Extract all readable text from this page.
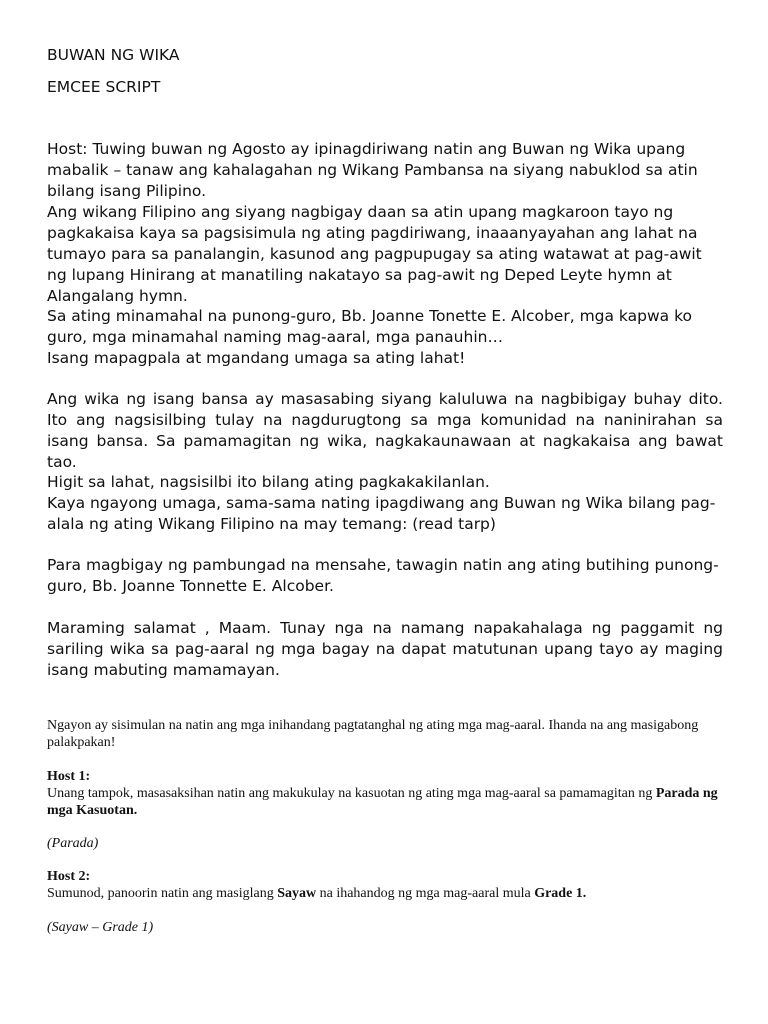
BUWAN NG WIKA
EMCEE SCRIPT

Host: Tuwing buwan ng Agosto ay ipinagdiriwang natin ang Buwan ng Wika upang mabalik – tanaw ang kahalagahan ng Wikang Pambansa na siyang nabuklod sa atin bilang isang Pilipino.

Ang wikang Filipino ang siyang nagbigay daan sa atin upang magkaroon tayo ng pagkakaisa kaya sa pagsisimula ng ating pagdiriwang, inaaanyayahan ang lahat na tumayo para sa panalangin, kasunod ang pagpupugay sa ating watawat at pag-awit ng lupang Hinirang at manatiling nakatayo sa pag-awit ng Deped Leyte hymn at Alangalang hymn.

Sa ating minamahal na punong-guro, Bb. Joanne Tonette E. Alcober, mga kapwa ko guro, mga minamahal naming mag-aaral, mga panauhin…

Isang mapagpala at mgandang umaga sa ating lahat!

Ang wika ng isang bansa ay masasabing siyang kaluluwa na nagbibigay buhay dito. Ito ang nagsisilbing tulay na nagdurugtong sa mga komunidad na naninirahan sa isang bansa. Sa pamamagitan ng wika, nagkakaunawaan at nagkakaisa ang bawat tao.

Higit sa lahat, nagsisilbi ito bilang ating pagkakakilanlan.

Kaya ngayong umaga, sama-sama nating ipagdiwang ang Buwan ng Wika bilang pag-alala ng ating Wikang Filipino na may temang: (read tarp)

Para magbigay ng pambungad na mensahe, tawagin natin ang ating butihing punong-guro, Bb. Joanne Tonnette E. Alcober.

Maraming salamat , Maam. Tunay nga na namang napakahalaga ng paggamit ng sariling wika sa pag-aaral ng mga bagay na dapat matutunan upang tayo ay maging isang mabuting mamamayan.

Ngayon ay sisimulan na natin ang mga inihandang pagtatanghal ng ating mga mag-aaral. Ihanda na ang masigabong palakpakan!

Host 1:

Unang tampok, masasaksihan natin ang makukulay na kasuotan ng ating mga mag-aaral sa pamamagitan ng Parada ng mga Kasuotan.

(Parada)

Host 2:

Sumunod, panoorin natin ang masiglang Sayaw na ihahandog ng mga mag-aaral mula Grade 1.

(Sayaw – Grade 1)
